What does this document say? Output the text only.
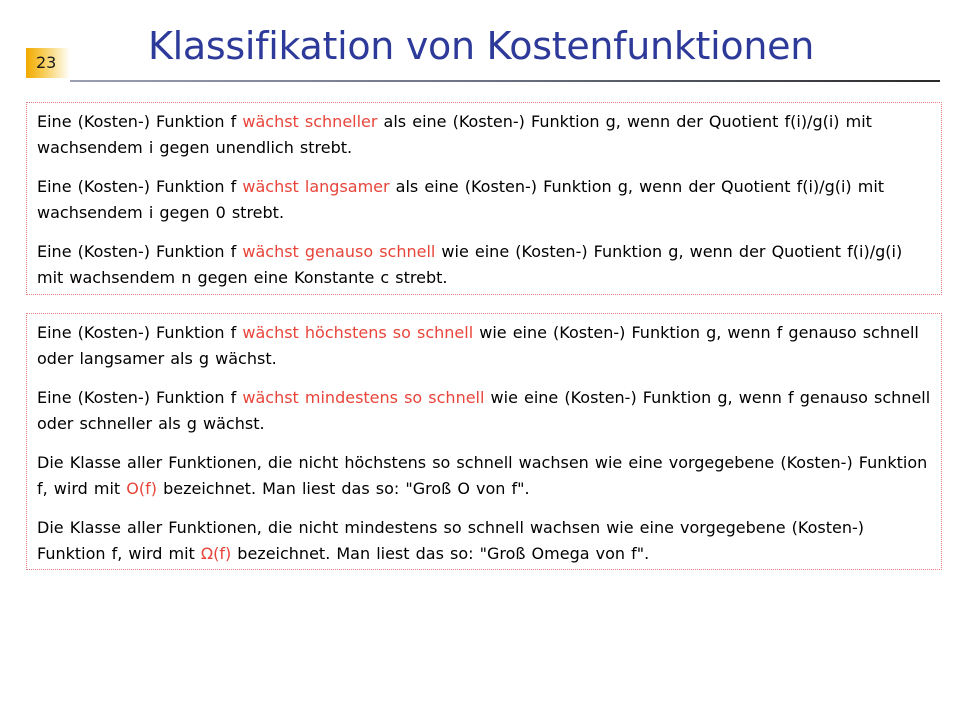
23	Klassifikation von Kostenfunktionen

Eine (Kosten-) Funktion f wächst schneller als eine (Kosten-) Funktion g, wenn der Quotient f(i)/g(i) mit wachsendem i gegen unendlich strebt.

Eine (Kosten-) Funktion f wächst langsamer als eine (Kosten-) Funktion g, wenn der Quotient f(i)/g(i) mit wachsendem i gegen 0 strebt.

Eine (Kosten-) Funktion f wächst genauso schnell wie eine (Kosten-) Funktion g, wenn der Quotient f(i)/g(i) mit wachsendem n gegen eine Konstante c strebt.

Eine (Kosten-) Funktion f wächst höchstens so schnell wie eine (Kosten-) Funktion g, wenn f genauso schnell oder langsamer als g wächst.

Eine (Kosten-) Funktion f wächst mindestens so schnell wie eine (Kosten-) Funktion g, wenn f genauso schnell oder schneller als g wächst.

Die Klasse aller Funktionen, die nicht höchstens so schnell wachsen wie eine vorgegebene (Kosten-) Funktion f, wird mit O(f) bezeichnet. Man liest das so: "Groß O von f".

Die Klasse aller Funktionen, die nicht mindestens so schnell wachsen wie eine vorgegebene (Kosten-) Funktion f, wird mit Ω(f) bezeichnet. Man liest das so: "Groß Omega von f".
